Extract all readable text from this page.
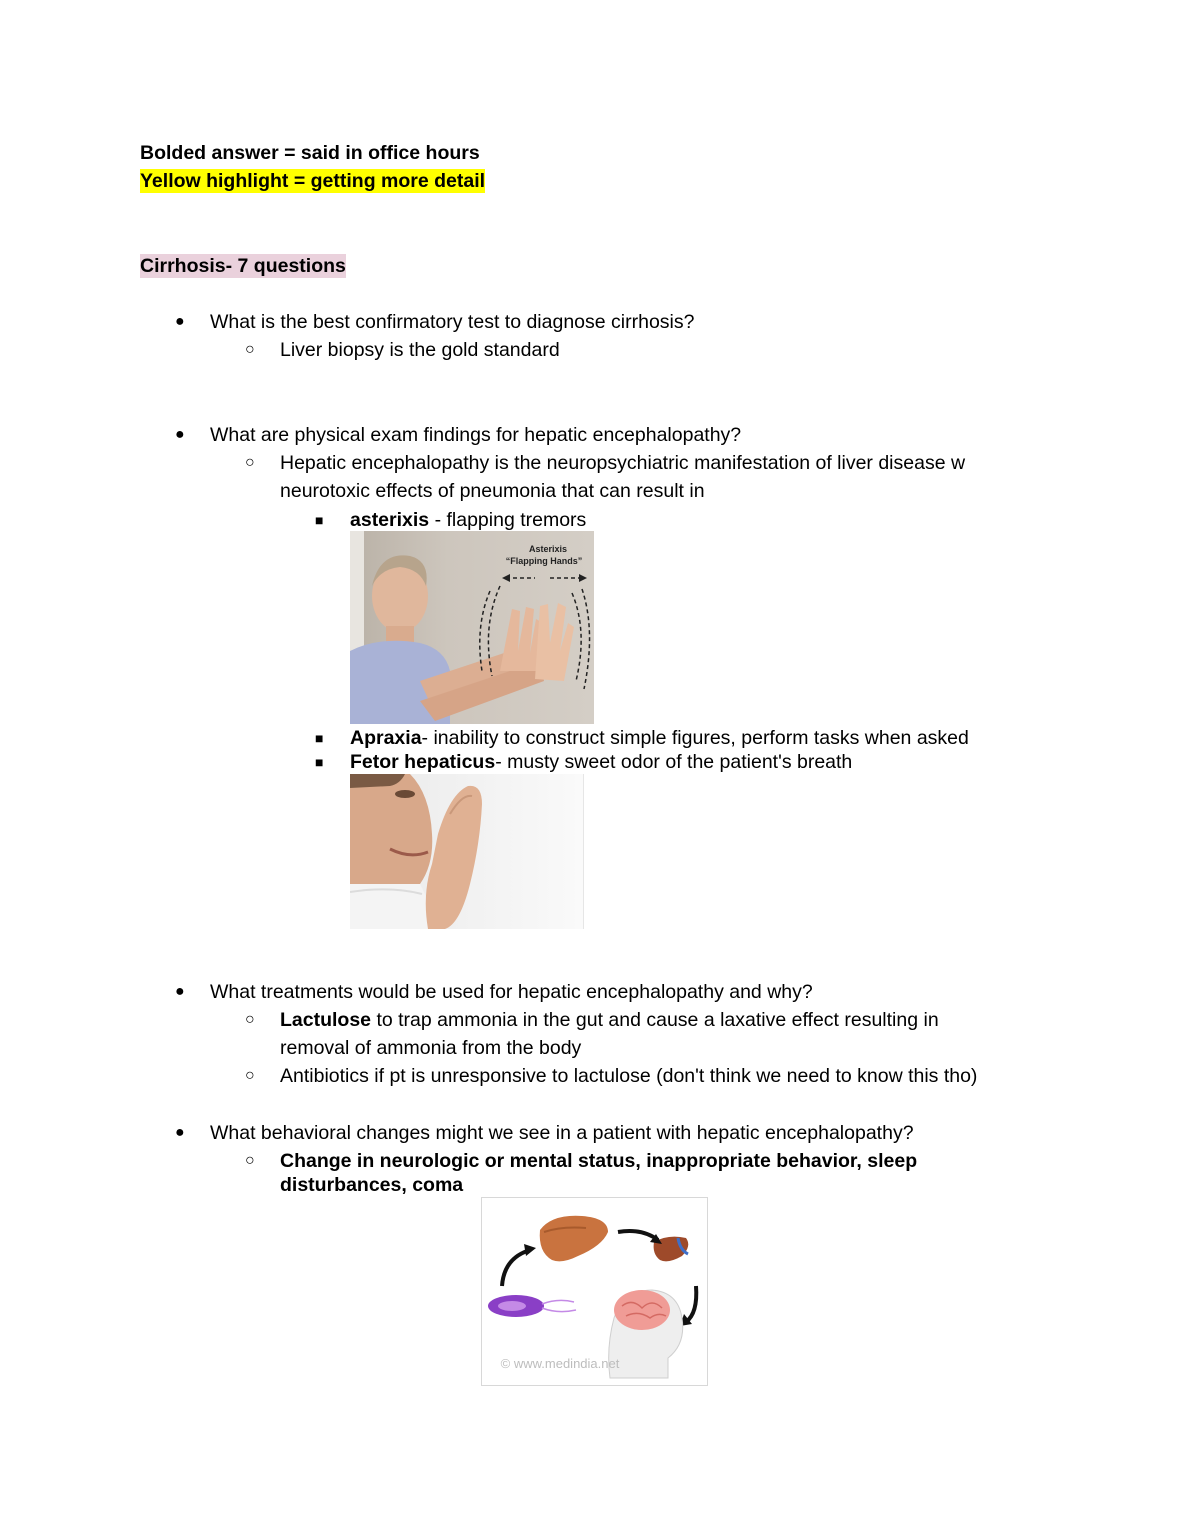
Bolded answer = said in office hours
Yellow highlight = getting more detail
Cirrhosis- 7 questions
● What is the best confirmatory test to diagnose cirrhosis?
○ Liver biopsy is the gold standard
● What are physical exam findings for hepatic encephalopathy?
○ Hepatic encephalopathy is the neuropsychiatric manifestation of liver disease w
neurotoxic effects of pneumonia that can result in
■ asterixis - flapping tremors
Asterixis
“Flapping Hands”
■ Apraxia- inability to construct simple figures, perform tasks when asked
■ Fetor hepaticus- musty sweet odor of the patient's breath
● What treatments would be used for hepatic encephalopathy and why?
○ Lactulose to trap ammonia in the gut and cause a laxative effect resulting in
removal of ammonia from the body
○ Antibiotics if pt is unresponsive to lactulose (don't think we need to know this tho)
● What behavioral changes might we see in a patient with hepatic encephalopathy?
○ Change in neurologic or mental status, inappropriate behavior, sleep
disturbances, coma
© www.medindia.net
